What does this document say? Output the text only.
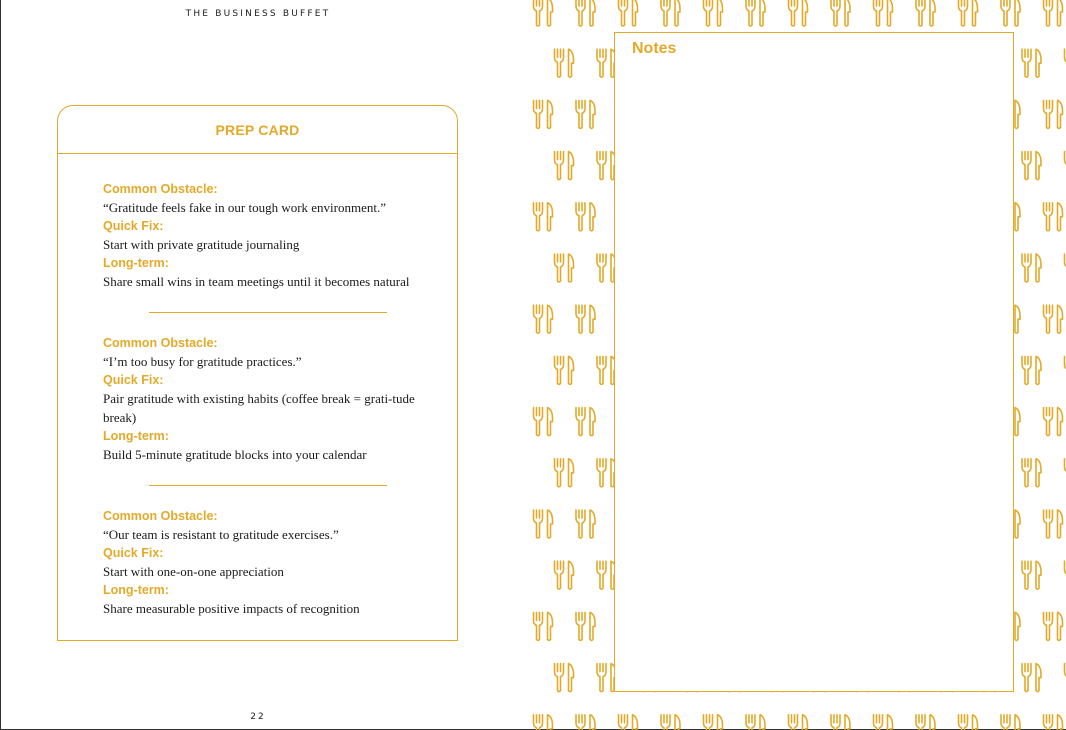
THE BUSINESS BUFFET
PREP CARD
Common Obstacle:
“Gratitude feels fake in our tough work environment.”
Quick Fix:
Start with private gratitude journaling
Long-term:
Share small wins in team meetings until it becomes natural
Common Obstacle:
“I’m too busy for gratitude practices.”
Quick Fix:
Pair gratitude with existing habits (coffee break = grati-tude break)
Long-term:
Build 5-minute gratitude blocks into your calendar
Common Obstacle:
“Our team is resistant to gratitude exercises.”
Quick Fix:
Start with one-on-one appreciation
Long-term:
Share measurable positive impacts of recognition
22
Notes
